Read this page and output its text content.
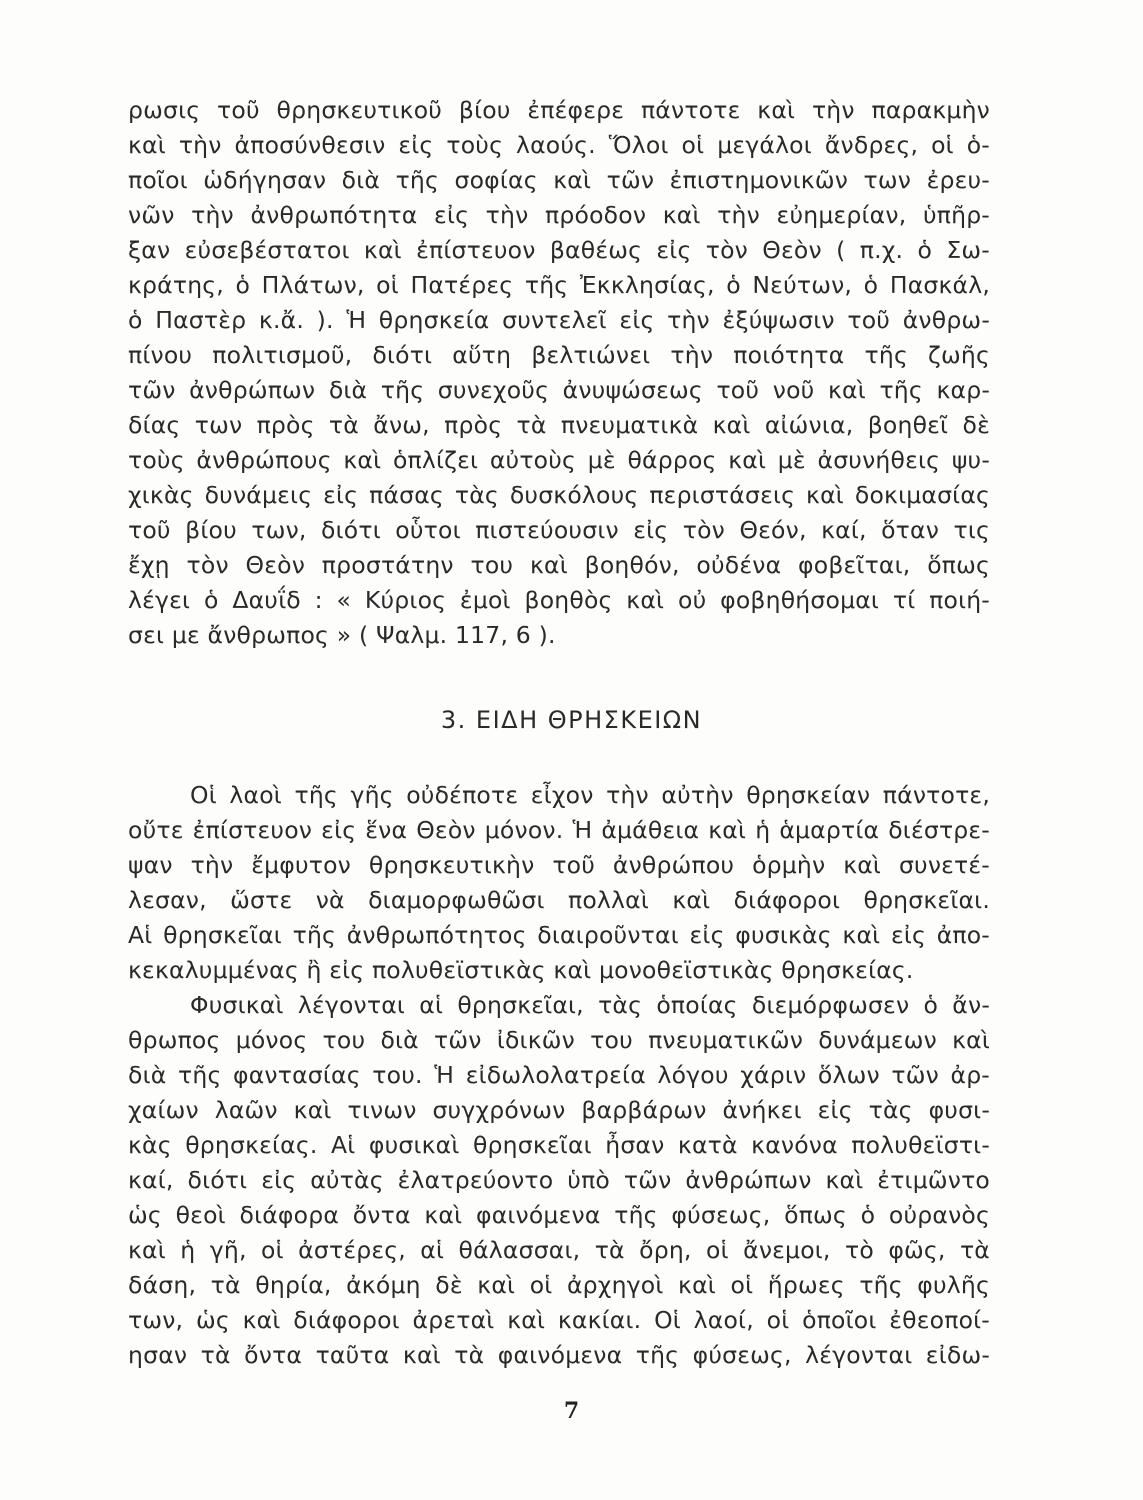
ρωσις τοῦ θρησκευτικοῦ βίου ἐπέφερε πάντοτε καὶ τὴν παρακμὴν
καὶ τὴν ἀποσύνθεσιν εἰς τοὺς λαούς. Ὅλοι οἱ μεγάλοι ἄνδρες, οἱ ὁ-
ποῖοι ὡδήγησαν διὰ τῆς σοφίας καὶ τῶν ἐπιστημονικῶν των ἐρευ-
νῶν τὴν ἀνθρωπότητα εἰς τὴν πρόοδον καὶ τὴν εὐημερίαν, ὑπῆρ-
ξαν εὐσεβέστατοι καὶ ἐπίστευον βαθέως εἰς τὸν Θεὸν ( π.χ. ὁ Σω-
κράτης, ὁ Πλάτων, οἱ Πατέρες τῆς Ἐκκλησίας, ὁ Νεύτων, ὁ Πασκάλ,
ὁ Παστὲρ κ.ἄ. ). Ἡ θρησκεία συντελεῖ εἰς τὴν ἐξύψωσιν τοῦ ἀνθρω-
πίνου πολιτισμοῦ, διότι αὕτη βελτιώνει τὴν ποιότητα τῆς ζωῆς
τῶν ἀνθρώπων διὰ τῆς συνεχοῦς ἀνυψώσεως τοῦ νοῦ καὶ τῆς καρ-
δίας των πρὸς τὰ ἄνω, πρὸς τὰ πνευματικὰ καὶ αἰώνια, βοηθεῖ δὲ
τοὺς ἀνθρώπους καὶ ὁπλίζει αὐτοὺς μὲ θάρρος καὶ μὲ ἀσυνήθεις ψυ-
χικὰς δυνάμεις εἰς πάσας τὰς δυσκόλους περιστάσεις καὶ δοκιμασίας
τοῦ βίου των, διότι οὗτοι πιστεύουσιν εἰς τὸν Θεόν, καί, ὅταν τις
ἔχῃ τὸν Θεὸν προστάτην του καὶ βοηθόν, οὐδένα φοβεῖται, ὅπως
λέγει ὁ Δαυΐδ : « Κύριος ἐμοὶ βοηθὸς καὶ οὐ φοβηθήσομαι τί ποιή-
σει με ἄνθρωπος » ( Ψαλμ. 117, 6 ).
3. ΕΙΔΗ ΘΡΗΣΚΕΙΩΝ
Οἱ λαοὶ τῆς γῆς οὐδέποτε εἶχον τὴν αὐτὴν θρησκείαν πάντοτε,
οὔτε ἐπίστευον εἰς ἕνα Θεὸν μόνον. Ἡ ἀμάθεια καὶ ἡ ἁμαρτία διέστρε-
ψαν τὴν ἔμφυτον θρησκευτικὴν τοῦ ἀνθρώπου ὁρμὴν καὶ συνετέ-
λεσαν, ὥστε νὰ διαμορφωθῶσι πολλαὶ καὶ διάφοροι θρησκεῖαι.
Αἱ θρησκεῖαι τῆς ἀνθρωπότητος διαιροῦνται εἰς φυσικὰς καὶ εἰς ἀπο-
κεκαλυμμένας ἢ εἰς πολυθεϊστικὰς καὶ μονοθεϊστικὰς θρησκείας.
Φυσικαὶ λέγονται αἱ θρησκεῖαι, τὰς ὁποίας διεμόρφωσεν ὁ ἄν-
θρωπος μόνος του διὰ τῶν ἰδικῶν του πνευματικῶν δυνάμεων καὶ
διὰ τῆς φαντασίας του. Ἡ εἰδωλολατρεία λόγου χάριν ὅλων τῶν ἀρ-
χαίων λαῶν καὶ τινων συγχρόνων βαρβάρων ἀνήκει εἰς τὰς φυσι-
κὰς θρησκείας. Αἱ φυσικαὶ θρησκεῖαι ἦσαν κατὰ κανόνα πολυθεϊστι-
καί, διότι εἰς αὐτὰς ἐλατρεύοντο ὑπὸ τῶν ἀνθρώπων καὶ ἐτιμῶντο
ὡς θεοὶ διάφορα ὄντα καὶ φαινόμενα τῆς φύσεως, ὅπως ὁ οὐρανὸς
καὶ ἡ γῆ, οἱ ἀστέρες, αἱ θάλασσαι, τὰ ὄρη, οἱ ἄνεμοι, τὸ φῶς, τὰ
δάση, τὰ θηρία, ἀκόμη δὲ καὶ οἱ ἀρχηγοὶ καὶ οἱ ἥρωες τῆς φυλῆς
των, ὡς καὶ διάφοροι ἀρεταὶ καὶ κακίαι. Οἱ λαοί, οἱ ὁποῖοι ἐθεοποί-
ησαν τὰ ὄντα ταῦτα καὶ τὰ φαινόμενα τῆς φύσεως, λέγονται εἰδω-
7
